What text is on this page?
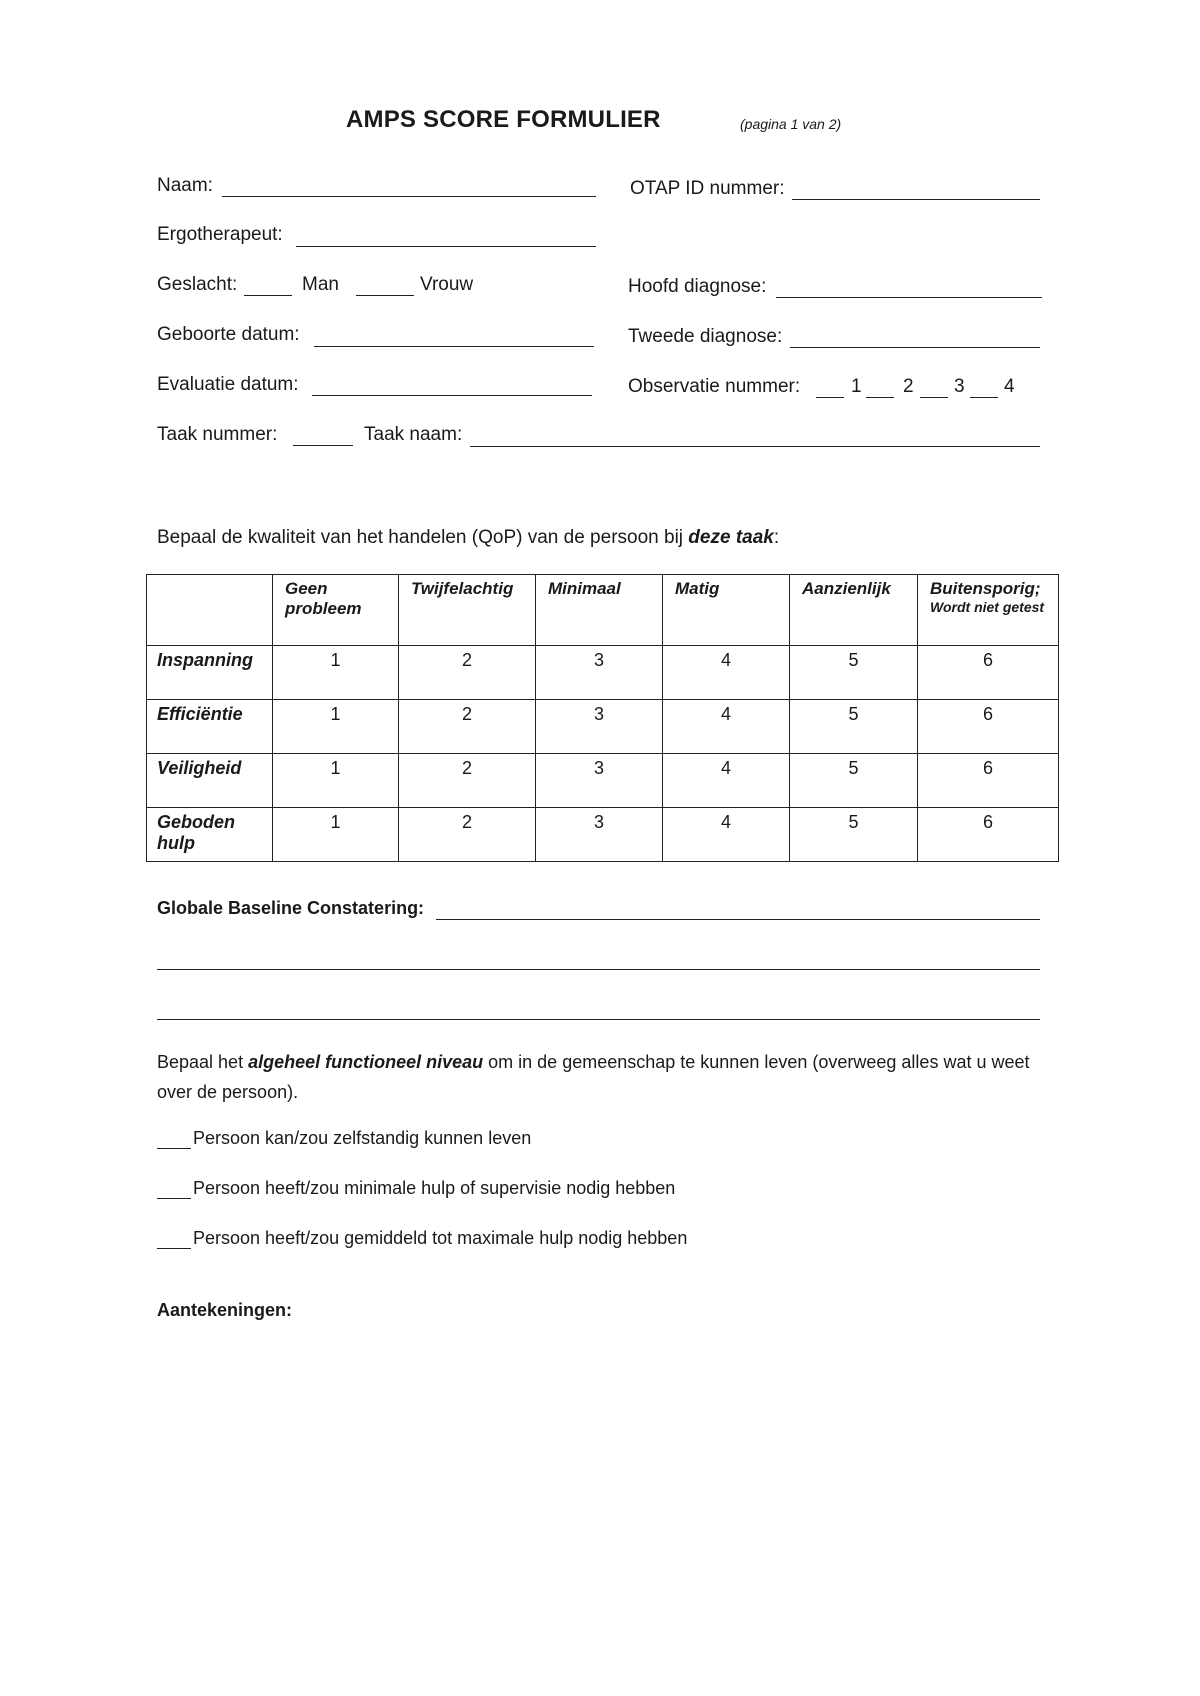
AMPS SCORE FORMULIER	(pagina 1 van 2)
Naam:	OTAP ID nummer:
Ergotherapeut:
Geslacht:	Man	Vrouw	Hoofd diagnose:
Geboorte datum:	Tweede diagnose:
Evaluatie datum:	Observatie nummer:	1 2 3 4
Taak nummer:	Taak naam:
Bepaal de kwaliteit van het handelen (QoP) van de persoon bij deze taak:
	Geen probleem	Twijfelachtig	Minimaal	Matig	Aanzienlijk	Buitensporig;
Wordt niet getest

Inspanning	1	2	3	4	5	6
Efficiëntie	1	2	3	4	5	6
Veiligheid	1	2	3	4	5	6
Geboden hulp	1	2	3	4	5	6
Globale Baseline Constatering:
Bepaal het algeheel functioneel niveau om in de gemeenschap te kunnen leven (overweeg alles wat u weet over de persoon).
Persoon kan/zou zelfstandig kunnen leven
Persoon heeft/zou minimale hulp of supervisie nodig hebben
Persoon heeft/zou gemiddeld tot maximale hulp nodig hebben
Aantekeningen:
